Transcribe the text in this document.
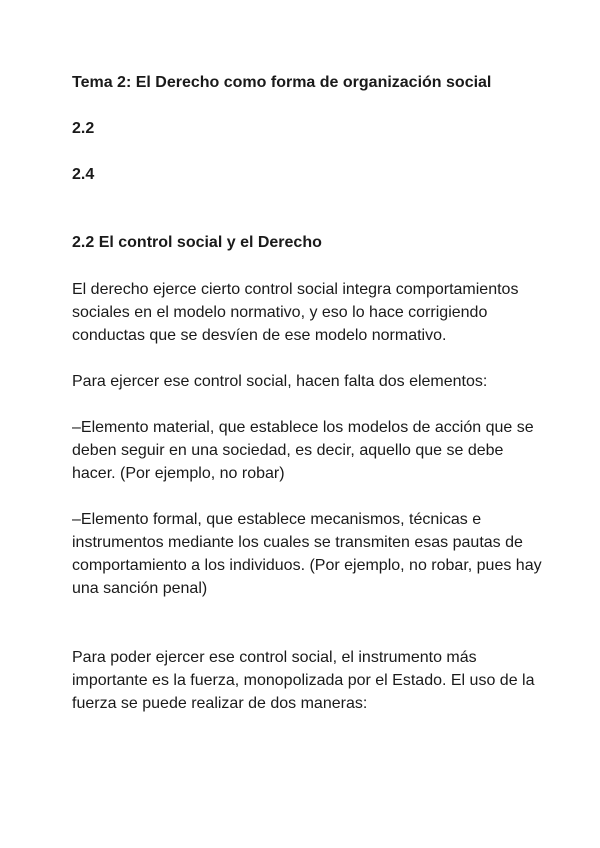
Tema 2: El Derecho como forma de organización social

2.2

2.4

2.2 El control social y el Derecho

El derecho ejerce cierto control social integra comportamientos sociales en el modelo normativo, y eso lo hace corrigiendo conductas que se desvíen de ese modelo normativo.

Para ejercer ese control social, hacen falta dos elementos:

–Elemento material, que establece los modelos de acción que se deben seguir en una sociedad, es decir, aquello que se debe hacer. (Por ejemplo, no robar)

–Elemento formal, que establece mecanismos, técnicas e instrumentos mediante los cuales se transmiten esas pautas de comportamiento a los individuos. (Por ejemplo, no robar, pues hay una sanción penal)

Para poder ejercer ese control social, el instrumento más importante es la fuerza, monopolizada por el Estado. El uso de la fuerza se puede realizar de dos maneras:
